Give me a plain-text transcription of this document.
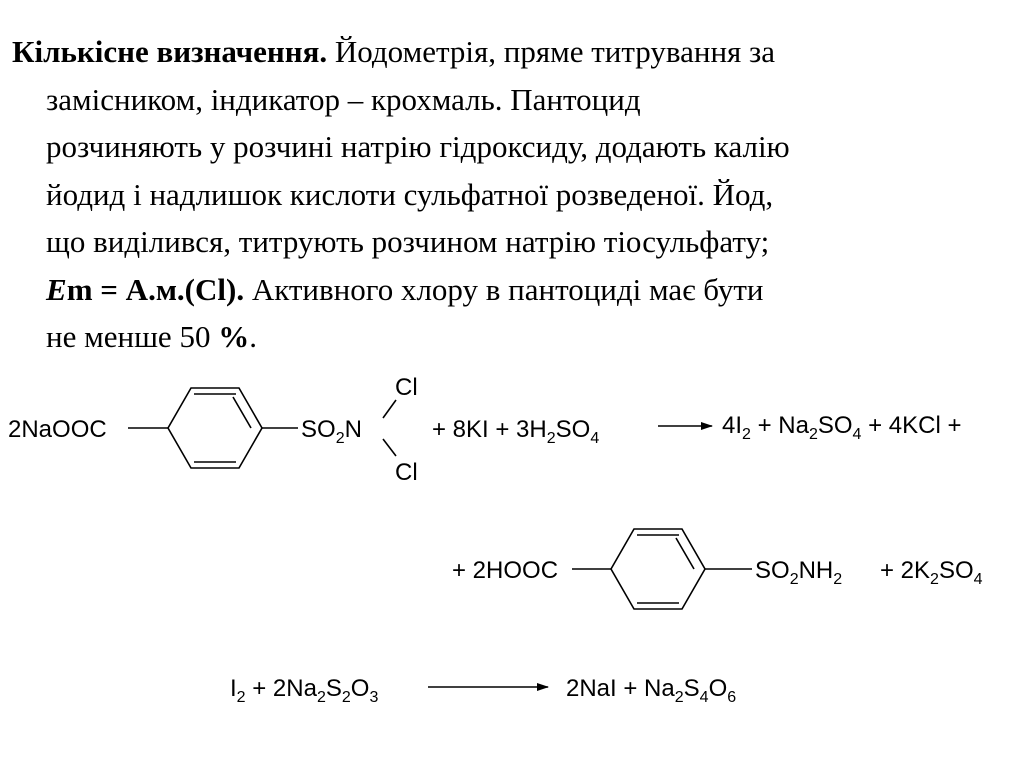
Кількісне визначення. Йодометрія, пряме титрування за
замісником, індикатор – крохмаль. Пантоцид
розчиняють у розчині натрію гідроксиду, додають калію
йодид і надлишок кислоти сульфатної розведеної. Йод,
що виділився, титрують розчином натрію тіосульфату;
Em = А.м.(Cl). Активного хлору в пантоциді має бути
не менше 50 %.

2NaOOC	$SO_2N$
Cl
Cl
+ $8KI + 3H_2SO_4$	$4I_2 + Na_2SO_4 + 4KCl$ +
+ 2HOOC	$SO_2NH_2 + 2K_2SO_4$
$I_2 + 2Na_2S_2O_3$	$2NaI + Na_2S_4O_6$
